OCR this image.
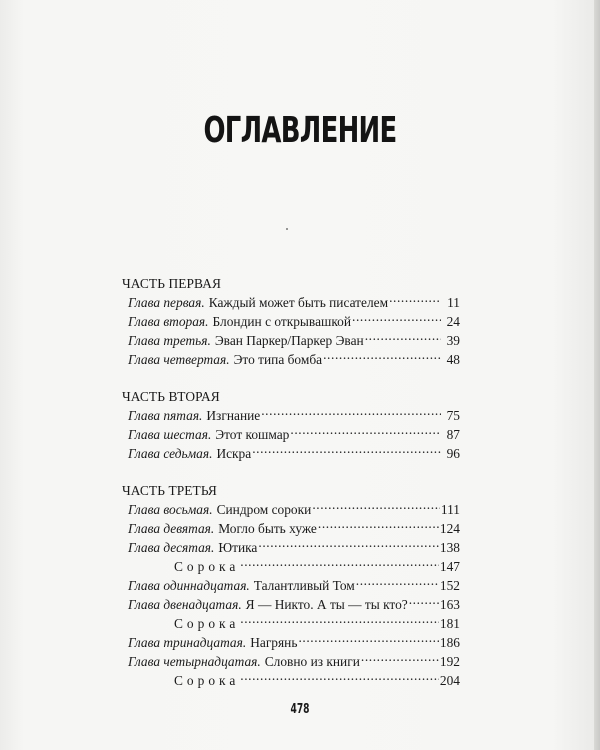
ОГЛАВЛЕНИЕ
ЧАСТЬ ПЕРВАЯ
Глава первая. Каждый может быть писателем .....	11
Глава вторая. Блондин с открывашкой .....	24
Глава третья. Эван Паркер/Паркер Эван .....	39
Глава четвертая. Это типа бомба .....	48
ЧАСТЬ ВТОРАЯ
Глава пятая. Изгнание .....	75
Глава шестая. Этот кошмар .....	87
Глава седьмая. Искра .....	96
ЧАСТЬ ТРЕТЬЯ
Глава восьмая. Синдром сороки .....	111
Глава девятая. Могло быть хуже .....	124
Глава десятая. Ютика .....	138
Сорока .....	147
Глава одиннадцатая. Талантливый Том .....	152
Глава двенадцатая. Я — Никто. А ты — ты кто? ..... 163
Сорока .....	181
Глава тринадцатая. Нагрянь .....	186
Глава четырнадцатая. Словно из книги .....	192
Сорока .....	204
478
